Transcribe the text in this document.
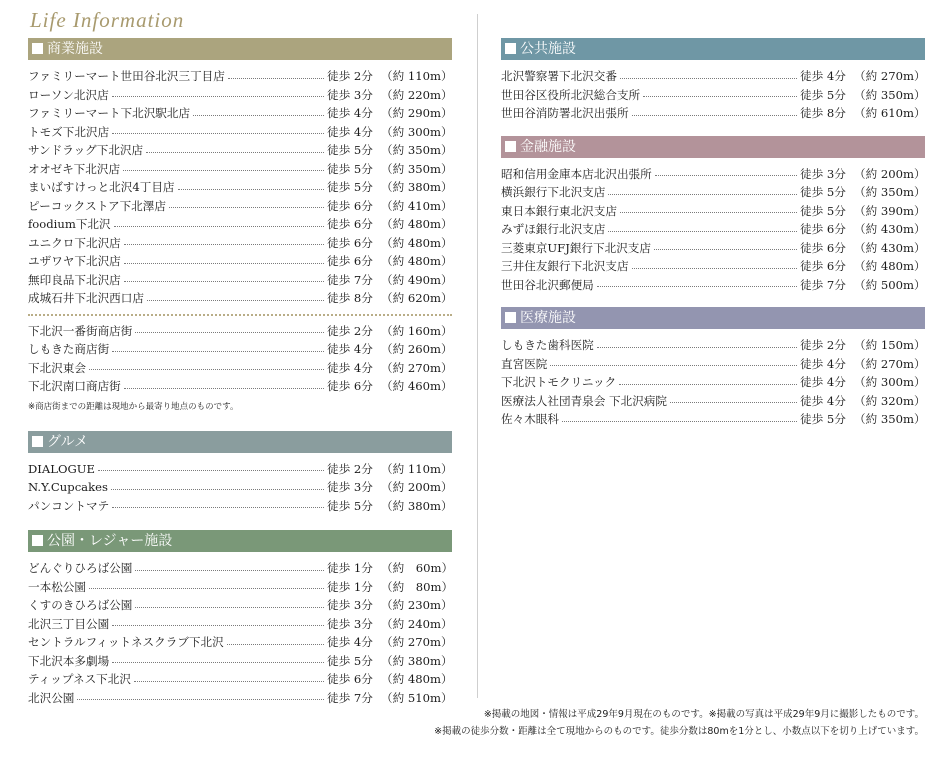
Life Information
商業施設
ファミリーマート世田谷北沢三丁目店	徒歩 2分 （約 110m）
ローソン北沢店	徒歩 3分 （約 220m）
ファミリーマート下北沢駅北店	徒歩 4分 （約 290m）
トモズ下北沢店	徒歩 4分 （約 300m）
サンドラッグ下北沢店	徒歩 5分 （約 350m）
オオゼキ下北沢店	徒歩 5分 （約 350m）
まいばすけっと北沢4丁目店	徒歩 5分 （約 380m）
ピーコックストア下北澤店	徒歩 6分 （約 410m）
foodium下北沢	徒歩 6分 （約 480m）
ユニクロ下北沢店	徒歩 6分 （約 480m）
ユザワヤ下北沢店	徒歩 6分 （約 480m）
無印良品下北沢店	徒歩 7分 （約 490m）
成城石井下北沢西口店	徒歩 8分 （約 620m）
下北沢一番街商店街	徒歩 2分 （約 160m）
しもきた商店街	徒歩 4分 （約 260m）
下北沢東会	徒歩 4分 （約 270m）
下北沢南口商店街	徒歩 6分 （約 460m）
※商店街までの距離は現地から最寄り地点のものです。
グルメ
DIALOGUE	徒歩 2分 （約 110m）
N.Y.Cupcakes	徒歩 3分 （約 200m）
パンコントマテ	徒歩 5分 （約 380m）
公園・レジャー施設
どんぐりひろば公園	徒歩 1分 （約　60m）
一本松公園	徒歩 1分 （約　80m）
くすのきひろば公園	徒歩 3分 （約 230m）
北沢三丁目公園	徒歩 3分 （約 240m）
セントラルフィットネスクラブ下北沢	徒歩 4分 （約 270m）
下北沢本多劇場	徒歩 5分 （約 380m）
ティップネス下北沢	徒歩 6分 （約 480m）
北沢公園	徒歩 7分 （約 510m）
公共施設
北沢警察署下北沢交番	徒歩 4分 （約 270m）
世田谷区役所北沢総合支所	徒歩 5分 （約 350m）
世田谷消防署北沢出張所	徒歩 8分 （約 610m）
金融施設
昭和信用金庫本店北沢出張所	徒歩 3分 （約 200m）
横浜銀行下北沢支店	徒歩 5分 （約 350m）
東日本銀行東北沢支店	徒歩 5分 （約 390m）
みずほ銀行北沢支店	徒歩 6分 （約 430m）
三菱東京UFJ銀行下北沢支店	徒歩 6分 （約 430m）
三井住友銀行下北沢支店	徒歩 6分 （約 480m）
世田谷北沢郵便局	徒歩 7分 （約 500m）
医療施設
しもきた歯科医院	徒歩 2分 （約 150m）
直宮医院	徒歩 4分 （約 270m）
下北沢トモクリニック	徒歩 4分 （約 300m）
医療法人社団青泉会 下北沢病院	徒歩 4分 （約 320m）
佐々木眼科	徒歩 5分 （約 350m）
※掲載の地図・情報は平成29年9月現在のものです。※掲載の写真は平成29年9月に撮影したものです。
※掲載の徒歩分数・距離は全て現地からのものです。徒歩分数は80mを1分とし、小数点以下を切り上げています。
